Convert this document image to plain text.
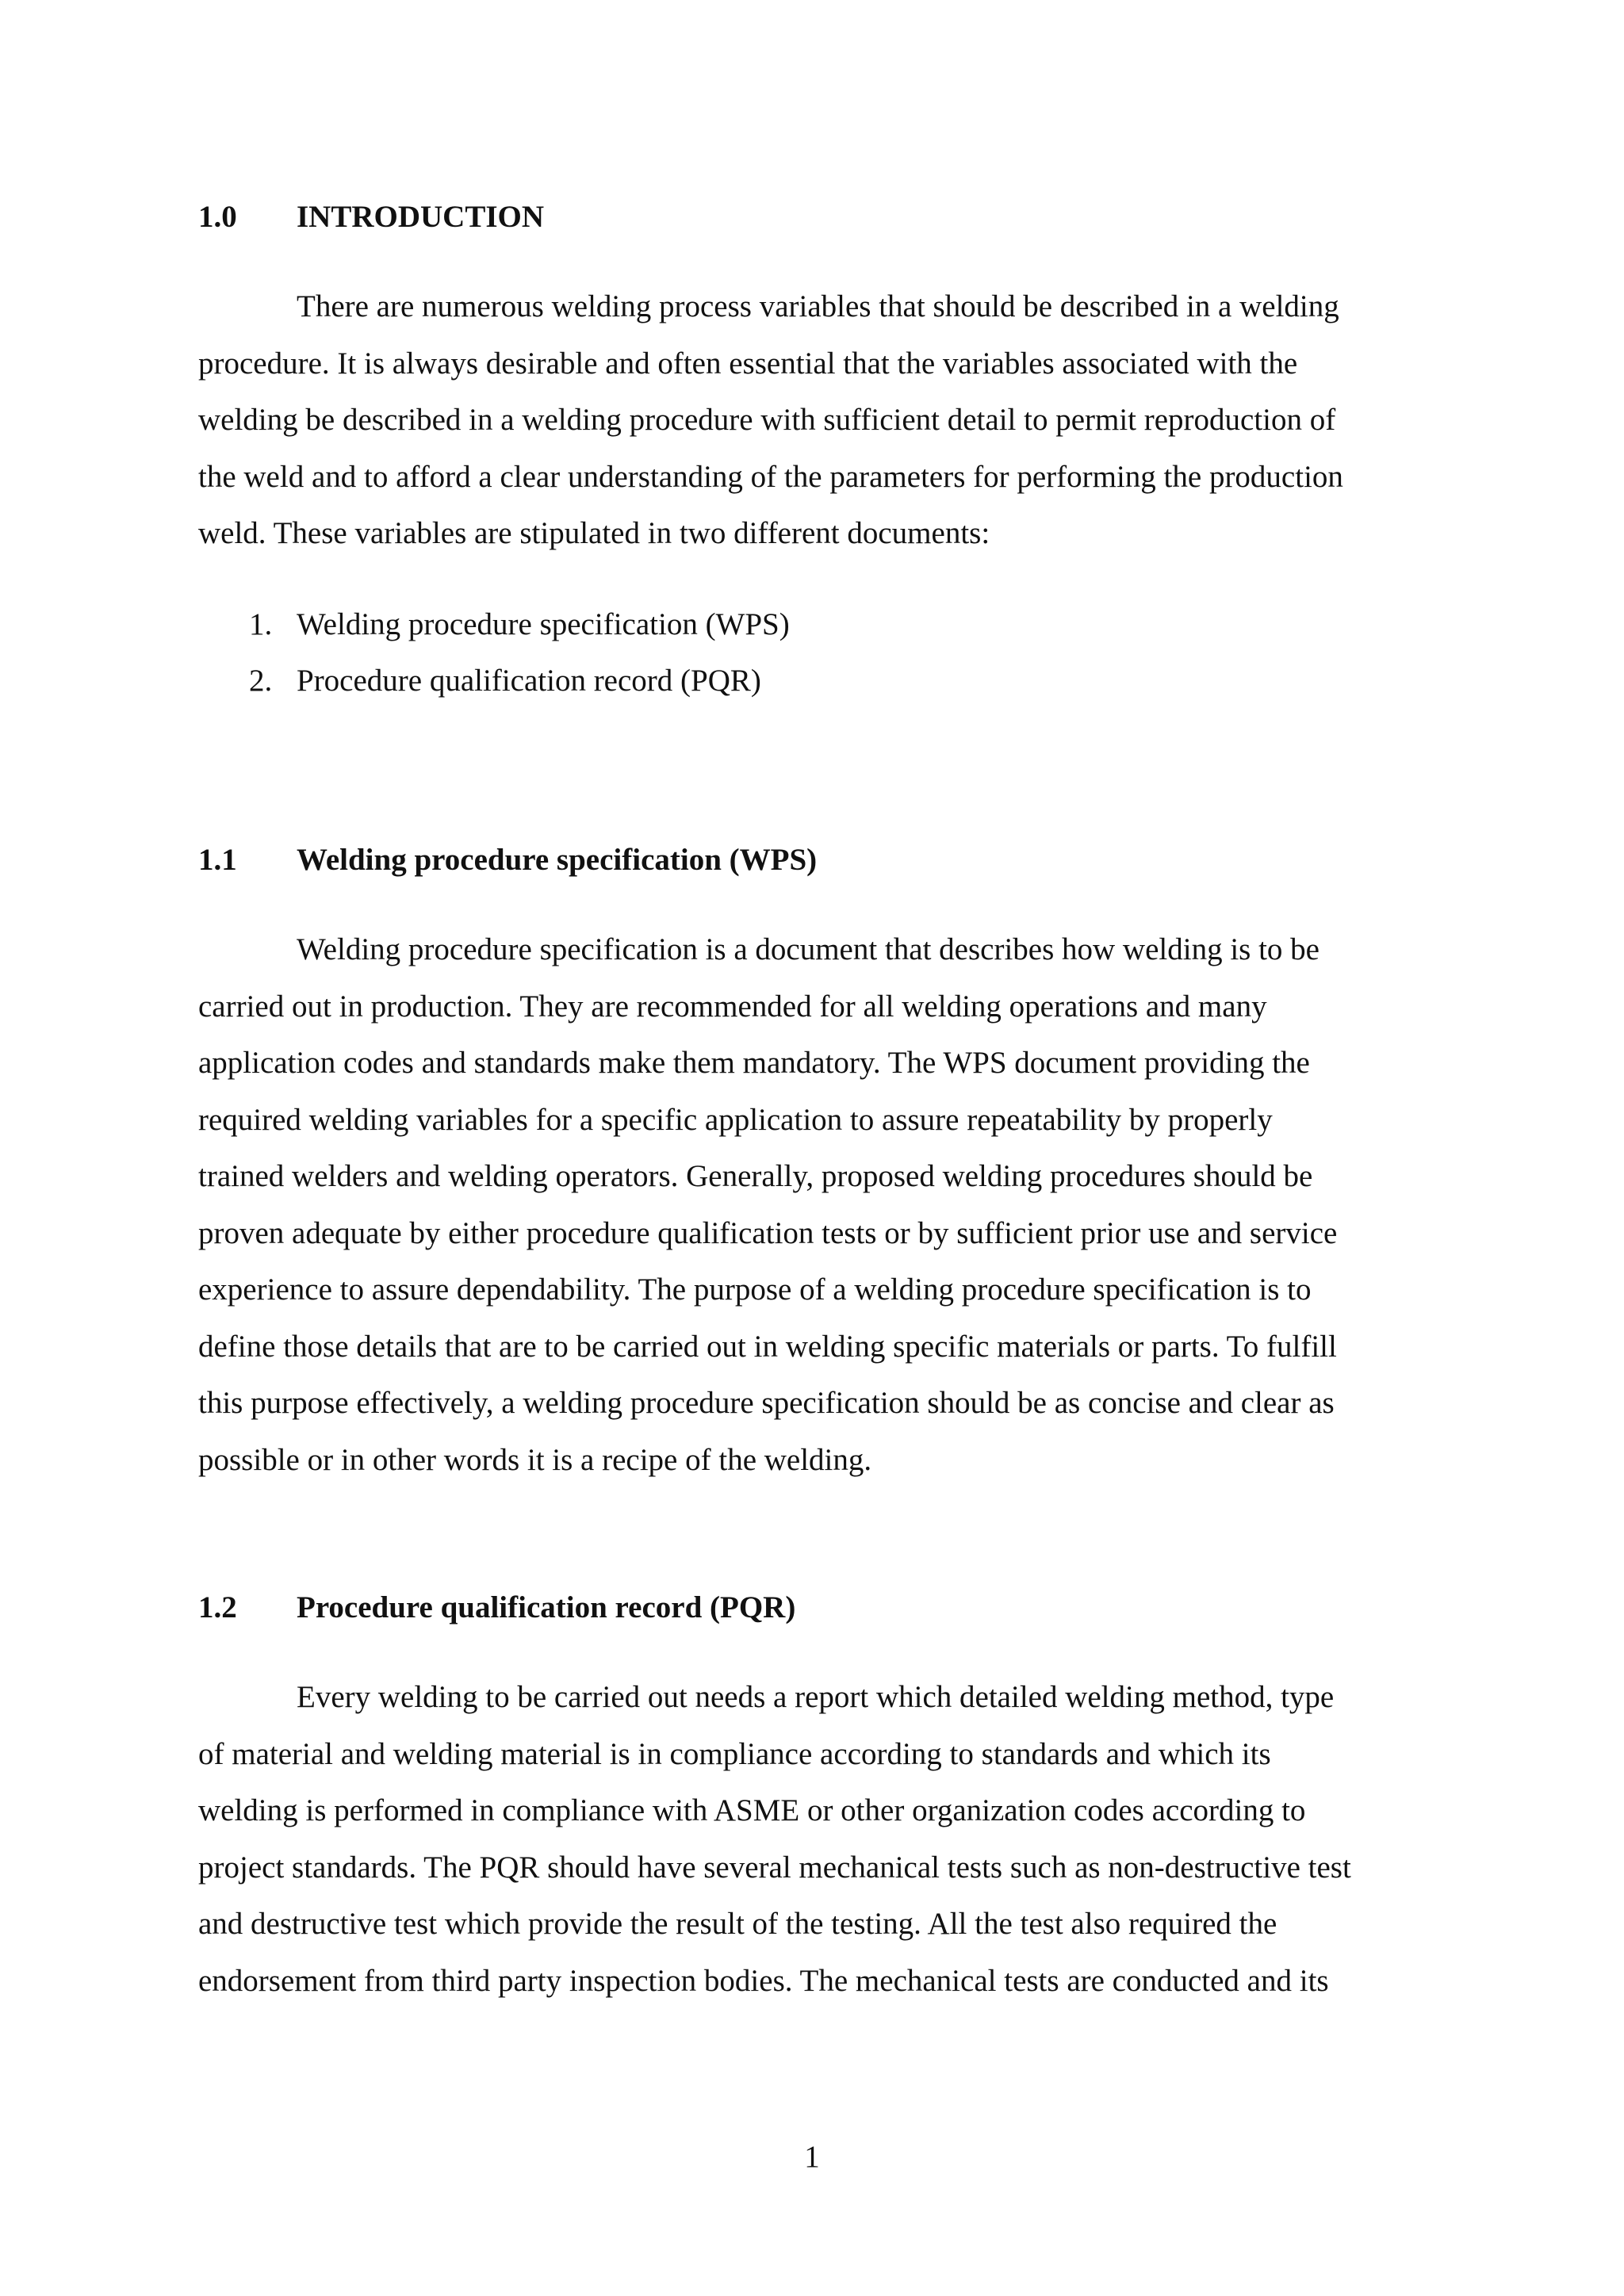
1.0 INTRODUCTION
There are numerous welding process variables that should be described in a welding
procedure. It is always desirable and often essential that the variables associated with the
welding be described in a welding procedure with sufficient detail to permit reproduction of
the weld and to afford a clear understanding of the parameters for performing the production
weld. These variables are stipulated in two different documents:
1. Welding procedure specification (WPS)
2. Procedure qualification record (PQR)
1.1 Welding procedure specification (WPS)
Welding procedure specification is a document that describes how welding is to be
carried out in production. They are recommended for all welding operations and many
application codes and standards make them mandatory. The WPS document providing the
required welding variables for a specific application to assure repeatability by properly
trained welders and welding operators. Generally, proposed welding procedures should be
proven adequate by either procedure qualification tests or by sufficient prior use and service
experience to assure dependability. The purpose of a welding procedure specification is to
define those details that are to be carried out in welding specific materials or parts. To fulfill
this purpose effectively, a welding procedure specification should be as concise and clear as
possible or in other words it is a recipe of the welding.
1.2 Procedure qualification record (PQR)
Every welding to be carried out needs a report which detailed welding method, type
of material and welding material is in compliance according to standards and which its
welding is performed in compliance with ASME or other organization codes according to
project standards. The PQR should have several mechanical tests such as non-destructive test
and destructive test which provide the result of the testing. All the test also required the
endorsement from third party inspection bodies. The mechanical tests are conducted and its
1
